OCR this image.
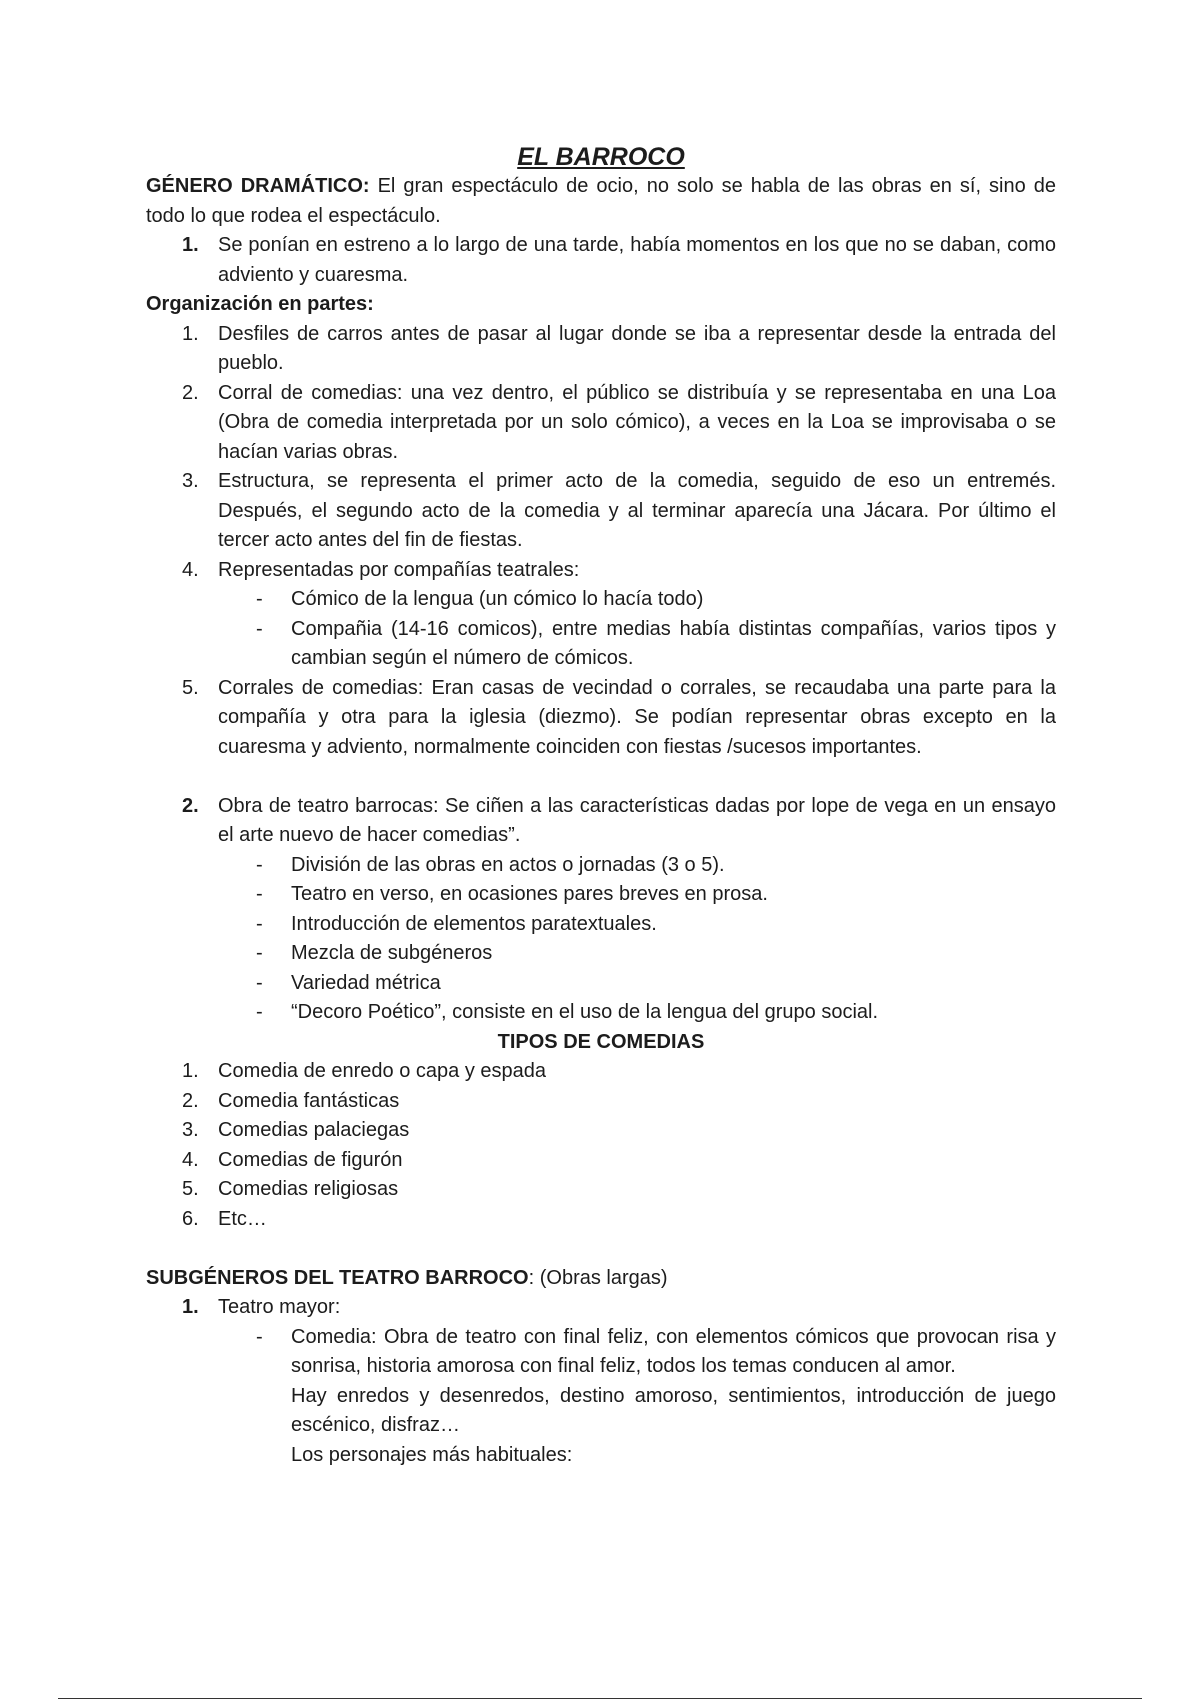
EL BARROCO

GÉNERO DRAMÁTICO: El gran espectáculo de ocio, no solo se habla de las obras en sí, sino de todo lo que rodea el espectáculo.

1. Se ponían en estreno a lo largo de una tarde, había momentos en los que no se daban, como adviento y cuaresma.

Organización en partes:

1. Desfiles de carros antes de pasar al lugar donde se iba a representar desde la entrada del pueblo.
2. Corral de comedias: una vez dentro, el público se distribuía y se representaba en una Loa (Obra de comedia interpretada por un solo cómico), a veces en la Loa se improvisaba o se hacían varias obras.
3. Estructura, se representa el primer acto de la comedia, seguido de eso un entremés. Después, el segundo acto de la comedia y al terminar aparecía una Jácara. Por último el tercer acto antes del fin de fiestas.
4. Representadas por compañías teatrales:
- Cómico de la lengua (un cómico lo hacía todo)
- Compañia (14-16 comicos), entre medias había distintas compañías, varios tipos y cambian según el número de cómicos.
5. Corrales de comedias: Eran casas de vecindad o corrales, se recaudaba una parte para la compañía y otra para la iglesia (diezmo). Se podían representar obras excepto en la cuaresma y adviento, normalmente coinciden con fiestas /sucesos importantes.
2. Obra de teatro barrocas: Se ciñen a las características dadas por lope de vega en un ensayo el arte nuevo de hacer comedias”.
- División de las obras en actos o jornadas (3 o 5).
- Teatro en verso, en ocasiones pares breves en prosa.
- Introducción de elementos paratextuales.
- Mezcla de subgéneros
- Variedad métrica
- “Decoro Poético”, consiste en el uso de la lengua del grupo social.

TIPOS DE COMEDIAS

1. Comedia de enredo o capa y espada
2. Comedia fantásticas
3. Comedias palaciegas
4. Comedias de figurón
5. Comedias religiosas
6. Etc…

SUBGÉNEROS DEL TEATRO BARROCO: (Obras largas)

1. Teatro mayor:
- Comedia: Obra de teatro con final feliz, con elementos cómicos que provocan risa y sonrisa, historia amorosa con final feliz, todos los temas conducen al amor.
Hay enredos y desenredos, destino amoroso, sentimientos, introducción de juego escénico, disfraz…
Los personajes más habituales:
